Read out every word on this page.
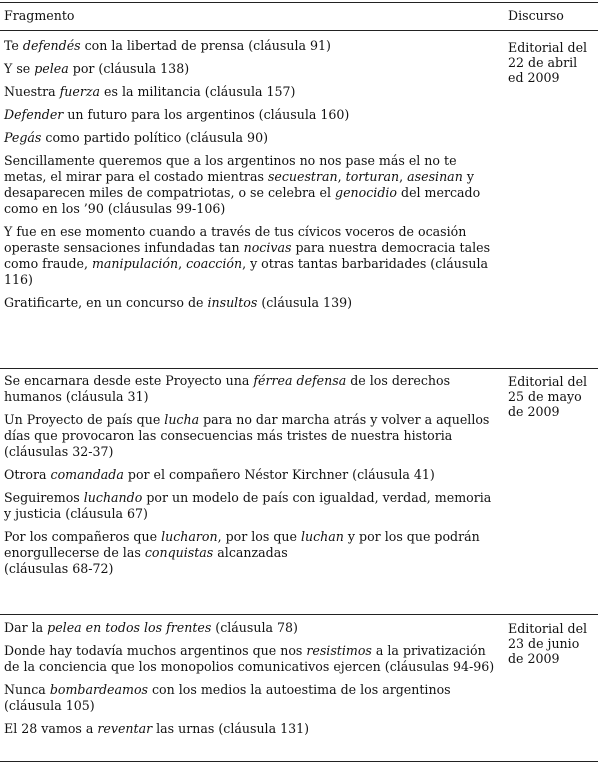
Fragmento	Discurso
Te defendés con la libertad de prensa (cláusula 91)
Y se pelea por (cláusula 138)
Nuestra fuerza es la militancia (cláusula 157)
Defender un futuro para los argentinos (cláusula 160)
Pegás como partido político (cláusula 90)
Sencillamente queremos que a los argentinos no nos pase más el no te metas, el mirar para el costado mientras secuestran, torturan, asesinan y desaparecen miles de compatriotas, o se celebra el genocidio del mercado como en los ’90 (cláusulas 99-106)
Y fue en ese momento cuando a través de tus cívicos voceros de ocasión operaste sensaciones infundadas tan nocivas para nuestra democracia tales como fraude, manipulación, coacción, y otras tantas barbaridades (cláusula 116)
Gratificarte, en un concurso de insultos (cláusula 139)
Editorial del 22 de abril ed 2009
Se encarnara desde este Proyecto una férrea defensa de los derechos humanos (cláusula 31)
Un Proyecto de país que lucha para no dar marcha atrás y volver a aquellos días que provocaron las consecuencias más tristes de nuestra historia (cláusulas 32-37)
Otrora comandada por el compañero Néstor Kirchner (cláusula 41)
Seguiremos luchando por un modelo de país con igualdad, verdad, memoria y justicia (cláusula 67)
Por los compañeros que lucharon, por los que luchan y por los que podrán enorgullecerse de las conquistas alcanzadas
(cláusulas 68-72)
Editorial del 25 de mayo de 2009
Dar la pelea en todos los frentes (cláusula 78)
Donde hay todavía muchos argentinos que nos resistimos a la privatización de la conciencia que los monopolios comunicativos ejercen (cláusulas 94-96)
Nunca bombardeamos con los medios la autoestima de los argentinos (cláusula 105)
El 28 vamos a reventar las urnas (cláusula 131)
Editorial del 23 de junio de 2009
